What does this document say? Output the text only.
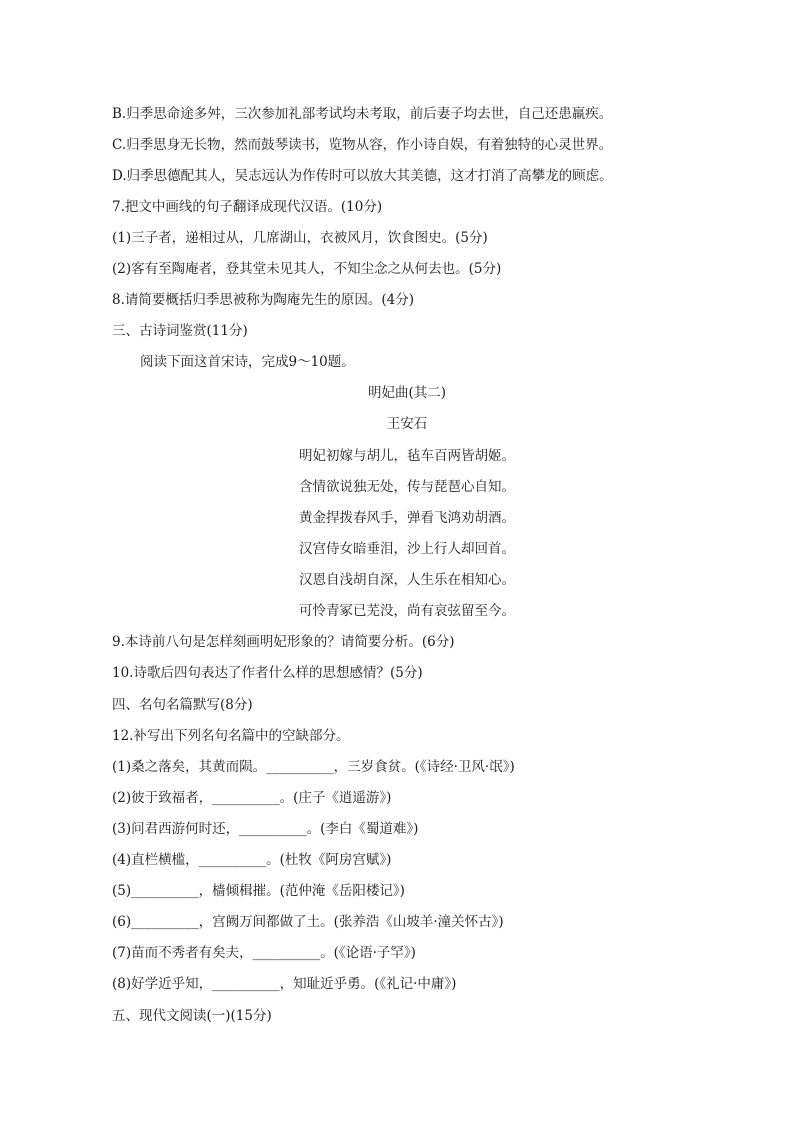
B.归季思命途多舛，三次参加礼部考试均未考取，前后妻子均去世，自己还患羸疾。
C.归季思身无长物，然而鼓琴读书，览物从容，作小诗自娱，有着独特的心灵世界。
D.归季思德配其人，吴志远认为作传时可以放大其美德，这才打消了高攀龙的顾虑。
7.把文中画线的句子翻译成现代汉语。(10分)
(1)三子者，递相过从，几席湖山，衣被风月，饮食图史。(5分)
(2)客有至陶庵者，登其堂未见其人，不知尘念之从何去也。(5分)
8.请简要概括归季思被称为陶庵先生的原因。(4分)
三、古诗词鉴赏(11分)
阅读下面这首宋诗，完成9～10题。
明妃曲(其二)
王安石
明妃初嫁与胡儿，毡车百两皆胡姬。
含情欲说独无处，传与琵琶心自知。
黄金捍拨春风手，弹看飞鸿劝胡酒。
汉宫侍女暗垂泪，沙上行人却回首。
汉恩自浅胡自深，人生乐在相知心。
可怜青冢已芜没，尚有哀弦留至今。
9.本诗前八句是怎样刻画明妃形象的？请简要分析。(6分)
10.诗歌后四句表达了作者什么样的思想感情？(5分)
四、名句名篇默写(8分)
12.补写出下列名句名篇中的空缺部分。
(1)桑之落矣，其黄而陨。__________，三岁食贫。(《诗经·卫风·氓》)
(2)彼于致福者，__________。(庄子《逍遥游》)
(3)问君西游何时还，__________。(李白《蜀道难》)
(4)直栏横槛，__________。(杜牧《阿房宫赋》)
(5)__________，樯倾楫摧。(范仲淹《岳阳楼记》)
(6)__________，宫阙万间都做了土。(张养浩《山坡羊·潼关怀古》)
(7)苗而不秀者有矣夫，__________。(《论语·子罕》)
(8)好学近乎知，__________，知耻近乎勇。(《礼记·中庸》)
五、现代文阅读(一)(15分)
